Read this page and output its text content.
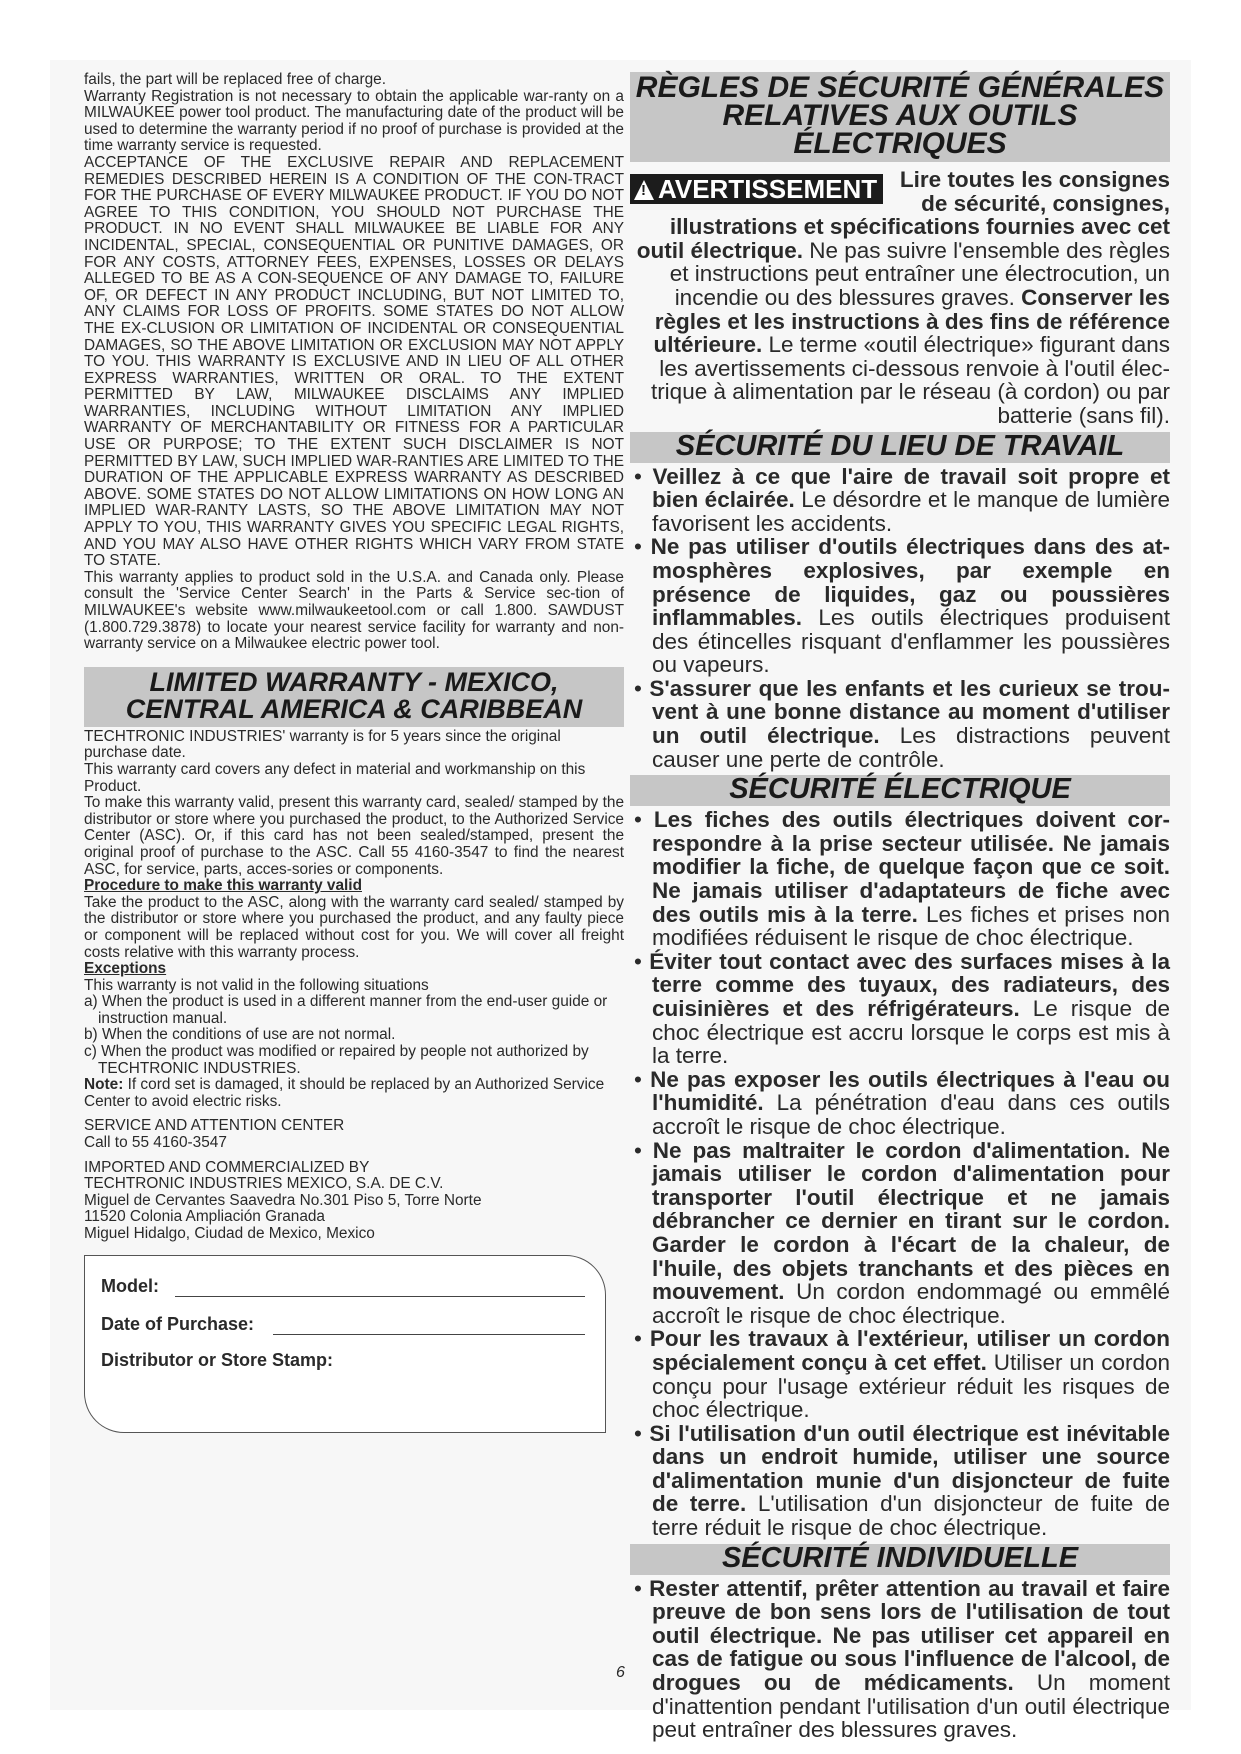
fails, the part will be replaced free of charge.

Warranty Registration is not necessary to obtain the applicable war-ranty on a MILWAUKEE power tool product. The manufacturing date of the product will be used to determine the warranty period if no proof of purchase is provided at the time warranty service is requested.

ACCEPTANCE OF THE EXCLUSIVE REPAIR AND REPLACEMENT REMEDIES DESCRIBED HEREIN IS A CONDITION OF THE CON-TRACT FOR THE PURCHASE OF EVERY MILWAUKEE PRODUCT. IF YOU DO NOT AGREE TO THIS CONDITION, YOU SHOULD NOT PURCHASE THE PRODUCT. IN NO EVENT SHALL MILWAUKEE BE LIABLE FOR ANY INCIDENTAL, SPECIAL, CONSEQUENTIAL OR PUNITIVE DAMAGES, OR FOR ANY COSTS, ATTORNEY FEES, EXPENSES, LOSSES OR DELAYS ALLEGED TO BE AS A CON-SEQUENCE OF ANY DAMAGE TO, FAILURE OF, OR DEFECT IN ANY PRODUCT INCLUDING, BUT NOT LIMITED TO, ANY CLAIMS FOR LOSS OF PROFITS. SOME STATES DO NOT ALLOW THE EX-CLUSION OR LIMITATION OF INCIDENTAL OR CONSEQUENTIAL DAMAGES, SO THE ABOVE LIMITATION OR EXCLUSION MAY NOT APPLY TO YOU. THIS WARRANTY IS EXCLUSIVE AND IN LIEU OF ALL OTHER EXPRESS WARRANTIES, WRITTEN OR ORAL. TO THE EXTENT PERMITTED BY LAW, MILWAUKEE DISCLAIMS ANY IMPLIED WARRANTIES, INCLUDING WITHOUT LIMITATION ANY IMPLIED WARRANTY OF MERCHANTABILITY OR FITNESS FOR A PARTICULAR USE OR PURPOSE; TO THE EXTENT SUCH DISCLAIMER IS NOT PERMITTED BY LAW, SUCH IMPLIED WAR-RANTIES ARE LIMITED TO THE DURATION OF THE APPLICABLE EXPRESS WARRANTY AS DESCRIBED ABOVE. SOME STATES DO NOT ALLOW LIMITATIONS ON HOW LONG AN IMPLIED WAR-RANTY LASTS, SO THE ABOVE LIMITATION MAY NOT APPLY TO YOU, THIS WARRANTY GIVES YOU SPECIFIC LEGAL RIGHTS, AND YOU MAY ALSO HAVE OTHER RIGHTS WHICH VARY FROM STATE TO STATE.

This warranty applies to product sold in the U.S.A. and Canada only. Please consult the 'Service Center Search' in the Parts & Service sec-tion of MILWAUKEE's website www.milwaukeetool.com or call 1.800. SAWDUST (1.800.729.3878) to locate your nearest service facility for warranty and non-warranty service on a Milwaukee electric power tool.

LIMITED WARRANTY - MEXICO, CENTRAL AMERICA & CARIBBEAN

TECHTRONIC INDUSTRIES' warranty is for 5 years since the original purchase date.

This warranty card covers any defect in material and workmanship on this Product.

To make this warranty valid, present this warranty card, sealed/ stamped by the distributor or store where you purchased the product, to the Authorized Service Center (ASC). Or, if this card has not been sealed/stamped, present the original proof of purchase to the ASC. Call 55 4160-3547 to find the nearest ASC, for service, parts, acces-sories or components.

Procedure to make this warranty valid

Take the product to the ASC, along with the warranty card sealed/ stamped by the distributor or store where you purchased the product, and any faulty piece or component will be replaced without cost for you. We will cover all freight costs relative with this warranty process.

Exceptions

This warranty is not valid in the following situations

a) When the product is used in a different manner from the end-user guide or instruction manual.

b) When the conditions of use are not normal.

c) When the product was modified or repaired by people not authorized by TECHTRONIC INDUSTRIES.

Note: If cord set is damaged, it should be replaced by an Authorized Service Center to avoid electric risks.

SERVICE AND ATTENTION CENTER

Call to 55 4160-3547

IMPORTED AND COMMERCIALIZED BY

TECHTRONIC INDUSTRIES MEXICO, S.A. DE C.V.

Miguel de Cervantes Saavedra No.301 Piso 5, Torre Norte

11520 Colonia Ampliación Granada

Miguel Hidalgo, Ciudad de Mexico, Mexico

Model:
Date of Purchase:
Distributor or Store Stamp:
RÈGLES DE SÉCURITÉ GÉNÉRALES RELATIVES AUX OUTILS ÉLECTRIQUES
!AVERTISSEMENT	Lire toutes les consignes de sécurité, consignes, illustrations et spécifications fournies avec cet outil électrique. Ne pas suivre l'ensemble des règles et instructions peut entraîner une électrocution, un incendie ou des blessures graves. Conserver les règles et les instructions à des fins de référence ultérieure. Le terme «outil électrique» figurant dans les avertissements ci-dessous renvoie à l'outil élec-trique à alimentation par le réseau (à cordon) ou par batterie (sans fil).

SÉCURITÉ DU LIEU DE TRAVAIL

• Veillez à ce que l'aire de travail soit propre et bien éclairée. Le désordre et le manque de lumière favorisent les accidents.

• Ne pas utiliser d'outils électriques dans des at-mosphères explosives, par exemple en présence de liquides, gaz ou poussières inflammables. Les outils électriques produisent des étincelles risquant d'enflammer les poussières ou vapeurs.

• S'assurer que les enfants et les curieux se trou-vent à une bonne distance au moment d'utiliser un outil électrique. Les distractions peuvent causer une perte de contrôle.

SÉCURITÉ ÉLECTRIQUE

• Les fiches des outils électriques doivent cor-respondre à la prise secteur utilisée. Ne jamais modifier la fiche, de quelque façon que ce soit. Ne jamais utiliser d'adaptateurs de fiche avec des outils mis à la terre. Les fiches et prises non modifiées réduisent le risque de choc électrique.

• Éviter tout contact avec des surfaces mises à la terre comme des tuyaux, des radiateurs, des cuisinières et des réfrigérateurs. Le risque de choc électrique est accru lorsque le corps est mis à la terre.

• Ne pas exposer les outils électriques à l'eau ou l'humidité. La pénétration d'eau dans ces outils accroît le risque de choc électrique.

• Ne pas maltraiter le cordon d'alimentation. Ne jamais utiliser le cordon d'alimentation pour transporter l'outil électrique et ne jamais débrancher ce dernier en tirant sur le cordon. Garder le cordon à l'écart de la chaleur, de l'huile, des objets tranchants et des pièces en mouvement. Un cordon endommagé ou emmêlé accroît le risque de choc électrique.

• Pour les travaux à l'extérieur, utiliser un cordon spécialement conçu à cet effet. Utiliser un cordon conçu pour l'usage extérieur réduit les risques de choc électrique.

• Si l'utilisation d'un outil électrique est inévitable dans un endroit humide, utiliser une source d'alimentation munie d'un disjoncteur de fuite de terre. L'utilisation d'un disjoncteur de fuite de terre réduit le risque de choc électrique.

SÉCURITÉ INDIVIDUELLE

• Rester attentif, prêter attention au travail et faire preuve de bon sens lors de l'utilisation de tout outil électrique. Ne pas utiliser cet appareil en cas de fatigue ou sous l'influence de l'alcool, de drogues ou de médicaments. Un moment d'inattention pendant l'utilisation d'un outil électrique peut entraîner des blessures graves.

6
